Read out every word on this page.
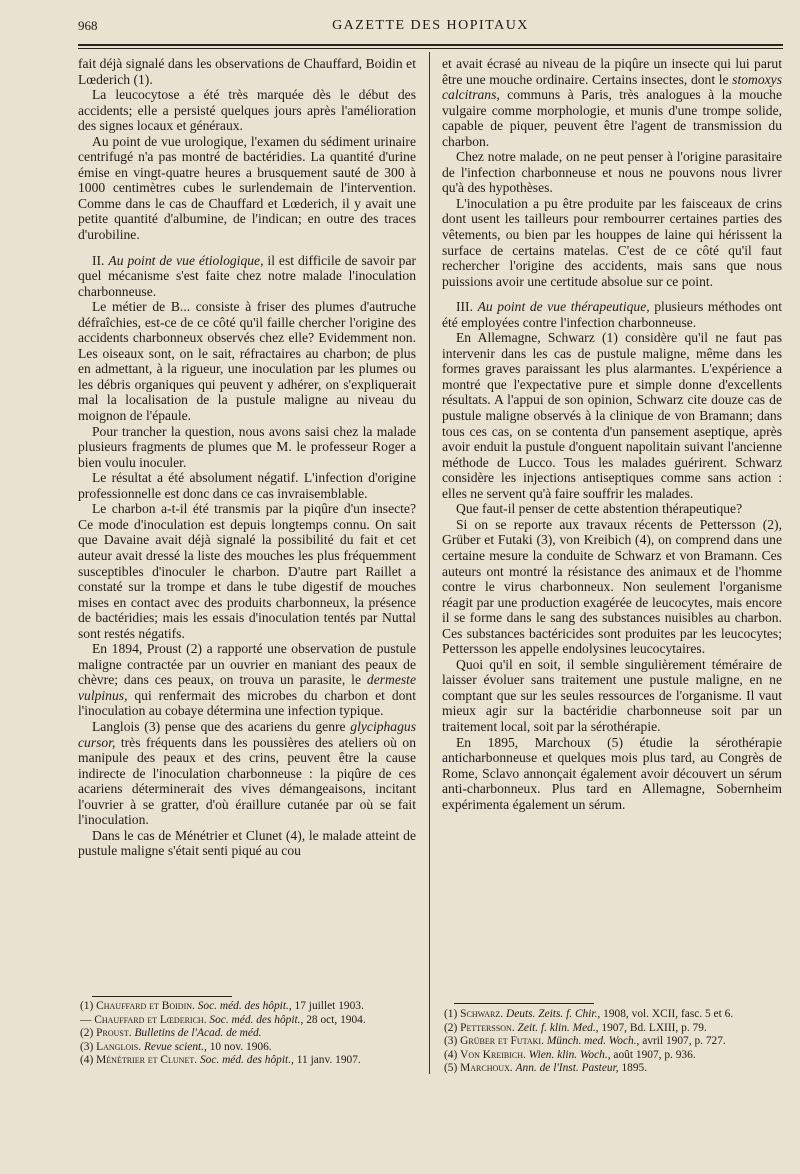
968	GAZETTE DES HOPITAUX

fait déjà signalé dans les observations de Chauffard, Boidin et Lœderich (1).

La leucocytose a été très marquée dès le début des accidents; elle a persisté quelques jours après l'amélioration des signes locaux et généraux.

Au point de vue urologique, l'examen du sédiment urinaire centrifugé n'a pas montré de bactéridies. La quantité d'urine émise en vingt-quatre heures a brusquement sauté de 300 à 1000 centimètres cubes le surlendemain de l'intervention. Comme dans le cas de Chauffard et Lœderich, il y avait une petite quantité d'albumine, de l'indican; en outre des traces d'urobiline.

II. Au point de vue étiologique, il est difficile de savoir par quel mécanisme s'est faite chez notre malade l'inoculation charbonneuse.

Le métier de B... consiste à friser des plumes d'autruche défraîchies, est-ce de ce côté qu'il faille chercher l'origine des accidents charbonneux observés chez elle? Evidemment non. Les oiseaux sont, on le sait, réfractaires au charbon; de plus en admettant, à la rigueur, une inoculation par les plumes ou les débris organiques qui peuvent y adhérer, on s'expliquerait mal la localisation de la pustule maligne au niveau du moignon de l'épaule.

Pour trancher la question, nous avons saisi chez la malade plusieurs fragments de plumes que M. le professeur Roger a bien voulu inoculer.

Le résultat a été absolument négatif. L'infection d'origine professionnelle est donc dans ce cas invraisemblable.

Le charbon a-t-il été transmis par la piqûre d'un insecte? Ce mode d'inoculation est depuis longtemps connu. On sait que Davaine avait déjà signalé la possibilité du fait et cet auteur avait dressé la liste des mouches les plus fréquemment susceptibles d'inoculer le charbon. D'autre part Raillet a constaté sur la trompe et dans le tube digestif de mouches mises en contact avec des produits charbonneux, la présence de bactéridies; mais les essais d'inoculation tentés par Nuttal sont restés négatifs.

En 1894, Proust (2) a rapporté une observation de pustule maligne contractée par un ouvrier en maniant des peaux de chèvre; dans ces peaux, on trouva un parasite, le dermeste vulpinus, qui renfermait des microbes du charbon et dont l'inoculation au cobaye détermina une infection typique.

Langlois (3) pense que des acariens du genre glyciphagus cursor, très fréquents dans les poussières des ateliers où on manipule des peaux et des crins, peuvent être la cause indirecte de l'inoculation charbonneuse : la piqûre de ces acariens déterminerait des vives démangeaisons, incitant l'ouvrier à se gratter, d'où éraillure cutanée par où se fait l'inoculation.

Dans le cas de Ménétrier et Clunet (4), le malade atteint de pustule maligne s'était senti piqué au cou

et avait écrasé au niveau de la piqûre un insecte qui lui parut être une mouche ordinaire. Certains insectes, dont le stomoxys calcitrans, communs à Paris, très analogues à la mouche vulgaire comme morphologie, et munis d'une trompe solide, capable de piquer, peuvent être l'agent de transmission du charbon.

Chez notre malade, on ne peut penser à l'origine parasitaire de l'infection charbonneuse et nous ne pouvons nous livrer qu'à des hypothèses.

L'inoculation a pu être produite par les faisceaux de crins dont usent les tailleurs pour rembourrer certaines parties des vêtements, ou bien par les houppes de laine qui hérissent la surface de certains matelas. C'est de ce côté qu'il faut rechercher l'origine des accidents, mais sans que nous puissions avoir une certitude absolue sur ce point.

III. Au point de vue thérapeutique, plusieurs méthodes ont été employées contre l'infection charbonneuse.

En Allemagne, Schwarz (1) considère qu'il ne faut pas intervenir dans les cas de pustule maligne, même dans les formes graves paraissant les plus alarmantes. L'expérience a montré que l'expectative pure et simple donne d'excellents résultats. A l'appui de son opinion, Schwarz cite douze cas de pustule maligne observés à la clinique de von Bramann; dans tous ces cas, on se contenta d'un pansement aseptique, après avoir enduit la pustule d'onguent napolitain suivant l'ancienne méthode de Lucco. Tous les malades guérirent. Schwarz considère les injections antiseptiques comme sans action : elles ne servent qu'à faire souffrir les malades.

Que faut-il penser de cette abstention thérapeutique?

Si on se reporte aux travaux récents de Pettersson (2), Grüber et Futaki (3), von Kreibich (4), on comprend dans une certaine mesure la conduite de Schwarz et von Bramann. Ces auteurs ont montré la résistance des animaux et de l'homme contre le virus charbonneux. Non seulement l'organisme réagit par une production exagérée de leucocytes, mais encore il se forme dans le sang des substances nuisibles au charbon. Ces substances bactéricides sont produites par les leucocytes; Pettersson les appelle endolysines leucocytaires.

Quoi qu'il en soit, il semble singulièrement téméraire de laisser évoluer sans traitement une pustule maligne, en ne comptant que sur les seules ressources de l'organisme. Il vaut mieux agir sur la bactéridie charbonneuse soit par un traitement local, soit par la sérothérapie.

En 1895, Marchoux (5) étudie la sérothérapie anticharbonneuse et quelques mois plus tard, au Congrès de Rome, Sclavo annonçait également avoir découvert un sérum anti-charbonneux. Plus tard en Allemagne, Sobernheim expérimenta également un sérum.

(1) Chauffard et Boidin. Soc. méd. des hôpit., 17 juillet 1903.

— Chauffard et Lœderich. Soc. méd. des hôpit., 28 oct, 1904.

(2) Proust. Bulletins de l'Acad. de méd.

(3) Langlois. Revue scient., 10 nov. 1906.

(4) Ménétrier et Clunet. Soc. méd. des hôpit., 11 janv. 1907.

(1) Schwarz. Deuts. Zeits. f. Chir., 1908, vol. XCII, fasc. 5 et 6.

(2) Pettersson. Zeit. f. klin. Med., 1907, Bd. LXIII, p. 79.

(3) Grüber et Futaki. Münch. med. Woch., avril 1907, p. 727.

(4) Von Kreibich. Wien. klin. Woch., août 1907, p. 936.

(5) Marchoux. Ann. de l'Inst. Pasteur, 1895.
